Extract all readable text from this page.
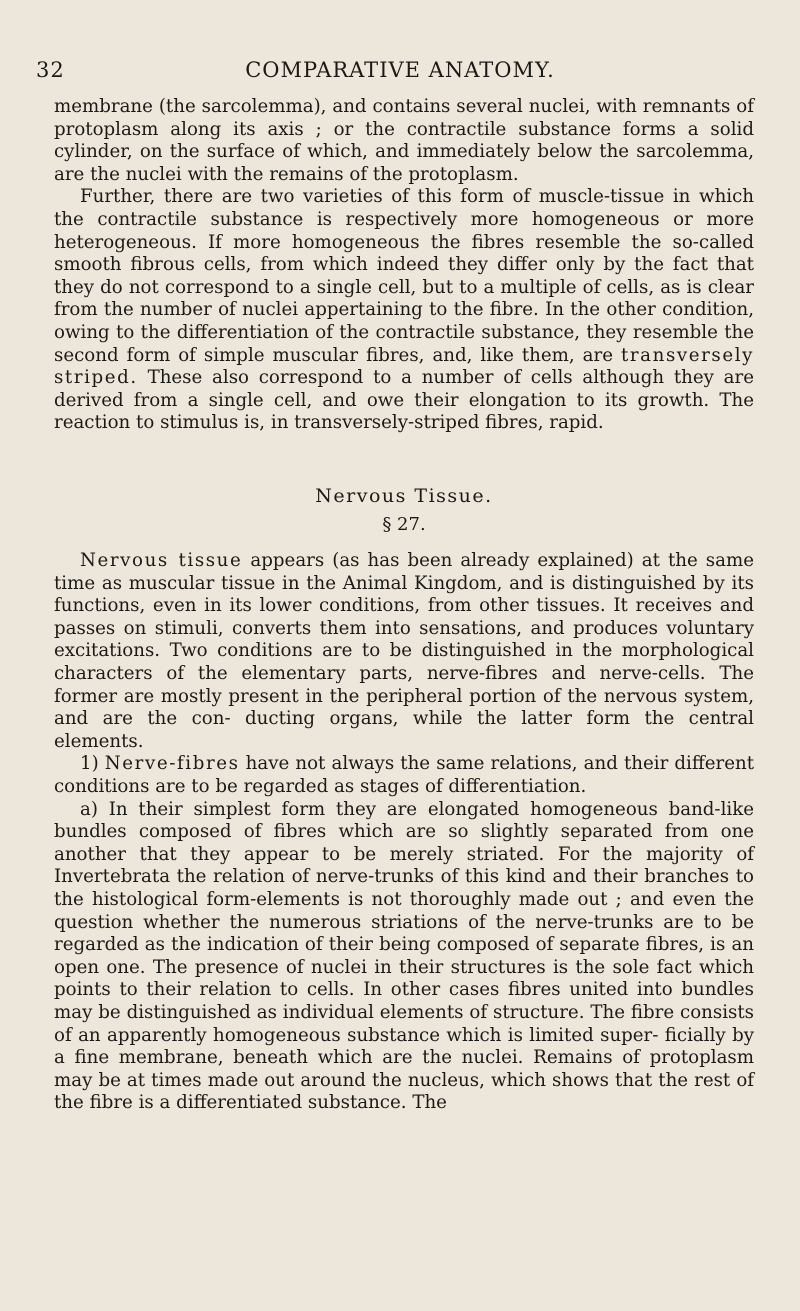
32	COMPARATIVE ANATOMY.

membrane (the sarcolemma), and contains several nuclei, with remnants of protoplasm along its axis ; or the contractile substance forms a solid cylinder, on the surface of which, and immediately below the sarcolemma, are the nuclei with the remains of the protoplasm.

Further, there are two varieties of this form of muscle-tissue in which the contractile substance is respectively more homogeneous or more heterogeneous. If more homogeneous the fibres resemble the so-called smooth fibrous cells, from which indeed they differ only by the fact that they do not correspond to a single cell, but to a multiple of cells, as is clear from the number of nuclei appertaining to the fibre. In the other condition, owing to the differentiation of the contractile substance, they resemble the second form of simple muscular fibres, and, like them, are transversely striped. These also correspond to a number of cells although they are derived from a single cell, and owe their elongation to its growth. The reaction to stimulus is, in transversely-striped fibres, rapid.

Nervous Tissue.
§ 27.

Nervous tissue appears (as has been already explained) at the same time as muscular tissue in the Animal Kingdom, and is distinguished by its functions, even in its lower conditions, from other tissues. It receives and passes on stimuli, converts them into sensations, and produces voluntary excitations. Two conditions are to be distinguished in the morphological characters of the elementary parts, nerve-fibres and nerve-cells. The former are mostly present in the peripheral portion of the nervous system, and are the con- ducting organs, while the latter form the central elements.

1) Nerve-fibres have not always the same relations, and their different conditions are to be regarded as stages of differentiation.

a) In their simplest form they are elongated homogeneous band-like bundles composed of fibres which are so slightly separated from one another that they appear to be merely striated. For the majority of Invertebrata the relation of nerve-trunks of this kind and their branches to the histological form-elements is not thoroughly made out ; and even the question whether the numerous striations of the nerve-trunks are to be regarded as the indication of their being composed of separate fibres, is an open one. The presence of nuclei in their structures is the sole fact which points to their relation to cells. In other cases fibres united into bundles may be distinguished as individual elements of structure. The fibre consists of an apparently homogeneous substance which is limited super- ficially by a fine membrane, beneath which are the nuclei. Remains of protoplasm may be at times made out around the nucleus, which shows that the rest of the fibre is a differentiated substance. The
